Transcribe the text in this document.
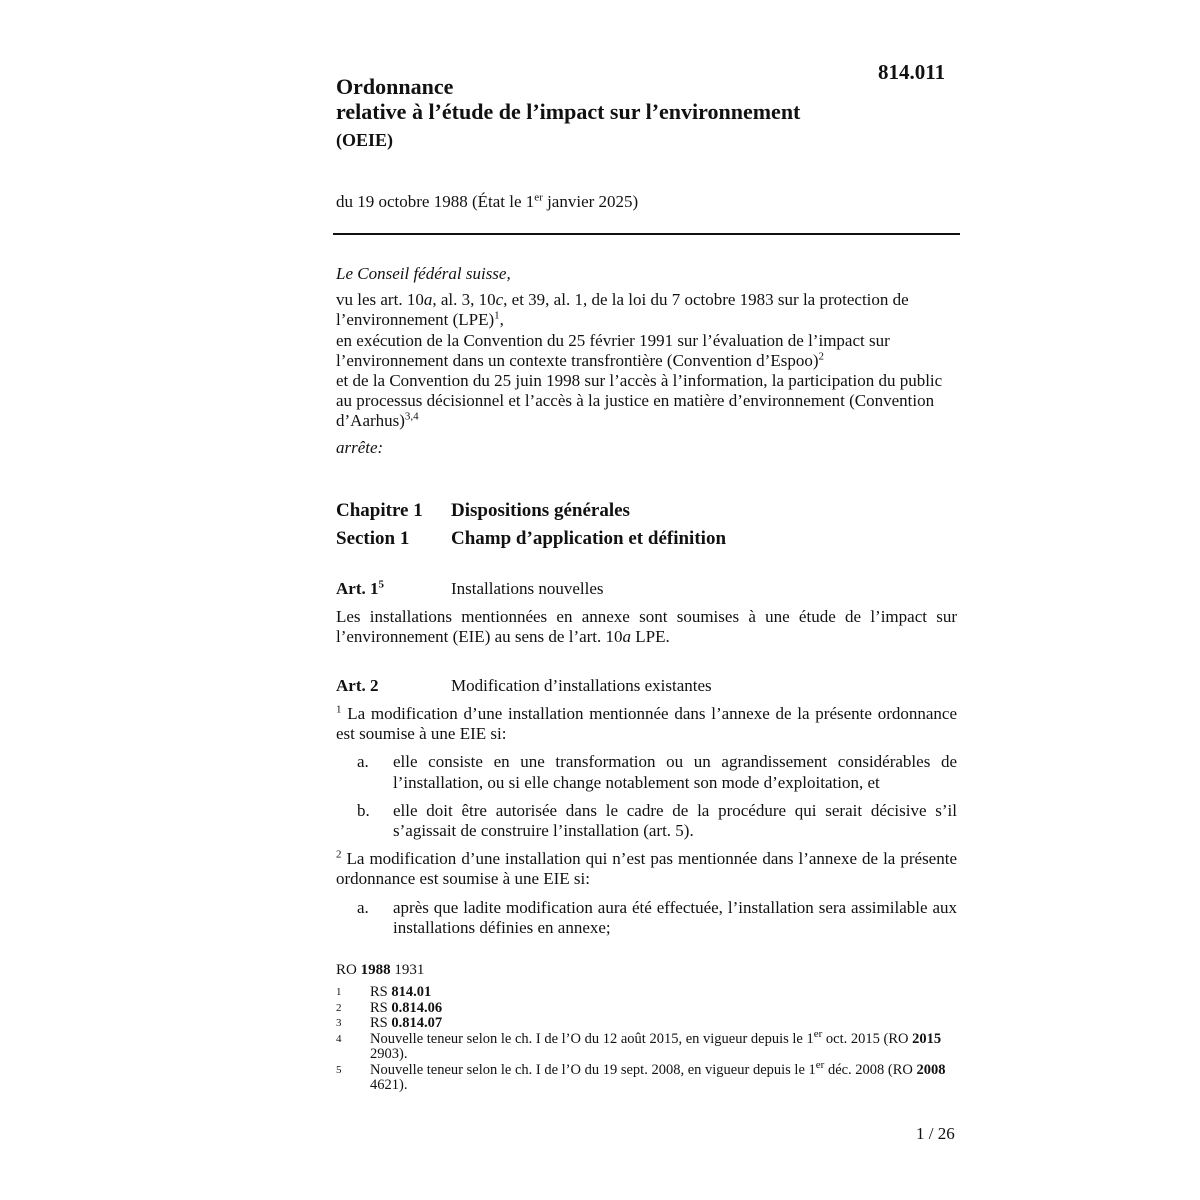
814.011
Ordonnance
relative à l’étude de l’impact sur l’environnement
(OEIE)
du 19 octobre 1988 (État le 1er janvier 2025)

Le Conseil fédéral suisse,

vu les art. 10a, al. 3, 10c, et 39, al. 1, de la loi du 7 octobre 1983 sur la protection de l’environnement (LPE)$^1$,

en exécution de la Convention du 25 février 1991 sur l’évaluation de l’impact sur l’environnement dans un contexte transfrontière (Convention d’Espoo)$^2$

et de la Convention du 25 juin 1998 sur l’accès à l’information, la participation du public au processus décisionnel et l’accès à la justice en matière d’environnement (Convention d’Aarhus)$^{3,4}$

arrête:

Chapitre 1 Dispositions générales
Section 1 Champ d’application et définition
Art. $1^5$	Installations nouvelles

Les installations mentionnées en annexe sont soumises à une étude de l’impact sur l’environnement (EIE) au sens de l’art. 10a LPE.

Art. 2	Modification d’installations existantes

$^1$ La modification d’une installation mentionnée dans l’annexe de la présente ordonnance est soumise à une EIE si:

a.	elle consiste en une transformation ou un agrandissement considérables de l’installation, ou si elle change notablement son mode d’exploitation, et
b.	elle doit être autorisée dans le cadre de la procédure qui serait décisive s’il s’agissait de construire l’installation (art. 5).

$^2$ La modification d’une installation qui n’est pas mentionnée dans l’annexe de la présente ordonnance est soumise à une EIE si:

a.	après que ladite modification aura été effectuée, l’installation sera assimilable aux installations définies en annexe;
RO 1988 1931
1	RS 814.01
2	RS 0.814.06
3	RS 0.814.07
4	Nouvelle teneur selon le ch. I de l’O du 12 août 2015, en vigueur depuis le 1er oct. 2015 (RO 2015 2903).
5	Nouvelle teneur selon le ch. I de l’O du 19 sept. 2008, en vigueur depuis le 1er déc. 2008 (RO 2008 4621).
1 / 26
